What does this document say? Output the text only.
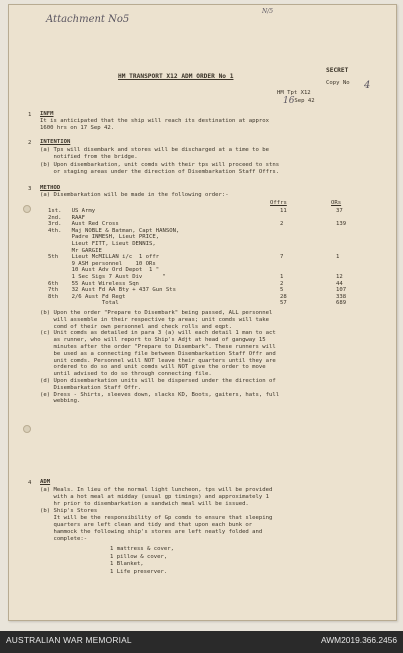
Attachment No5
N/5
4
16
SECRET
Copy No
HM TRANSPORT X12 ADM ORDER No 1
HM Tpt X12
Sep 42
1 INFM
It is anticipated that the ship will reach its destination at approx
1600 hrs on 17 Sep 42.
2 INTENTION
(a) Tps will disembark and stores will be discharged at a time to be
notified from the bridge.
(b) Upon disembarkation, unit comds with their tps will proceed to stns
or staging areas under the direction of Disembarkation Staff Offrs.
3 METHOD
(a) Disembarkation will be made in the following order:-
Offrs	ORs
1st.   US Army	11	37
2nd.   RAAF
3rd.   Aust Red Cross	2	139
4th.   Maj NOBLE & Batman, Capt HANSON,
Padre INMESH, Lieut PRICE,
Lieut FITT, Lieut DENNIS,
Mr GARGIE
5th    Lieut McMILLAN i/c  1 offr	7	1
9 ASH personnel    10 ORs
10 Aust Adv Ord Depot  1 "
1 Sec Sigs 7 Aust Div      "	1	12
6th    55 Aust Wireless Sqn	2	44
7th    32 Aust Fd AA Bty + 437 Gun Sts	5	107
8th    2/6 Aust Fd Regt	28	338
Total	57	689
(b) Upon the order "Prepare to Disembark" being passed, ALL personnel
will assemble in their respective tp areas; unit comds will take
comd of their own personnel and check rolls and eqpt.
(c) Unit comds as detailed in para 3 (a) will each detail 1 man to act
as runner, who will report to Ship's Adjt at head of gangway 15
minutes after the order "Prepare to Disembark". These runners will
be used as a connecting file between Disembarkation Staff Offr and
unit comds. Personnel will NOT leave their quarters until they are
ordered to do so and unit comds will NOT give the order to move
until advised to do so through connecting file.
(d) Upon disembarkation units will be dispersed under the direction of
Disembarkation Staff Offr.
(e) Dress - Shirts, sleeves down, slacks KD, Boots, gaiters, hats, full
webbing.
4 ADM
(a) Meals. In lieu of the normal light luncheon, tps will be provided
with a hot meal at midday (usual gp timings) and approximately 1
hr prior to disembarkation a sandwich meal will be issued.
(b) Ship's Stores
It will be the responsibility of Gp comds to ensure that sleeping
quarters are left clean and tidy and that upon each bunk or
hammock the following ship's stores are left neatly folded and
complete:-
1 mattress & cover,
1 pillow & cover,
1 Blanket,
1 Life preserver.
AUSTRALIAN WAR MEMORIAL	AWM2019.366.2456
